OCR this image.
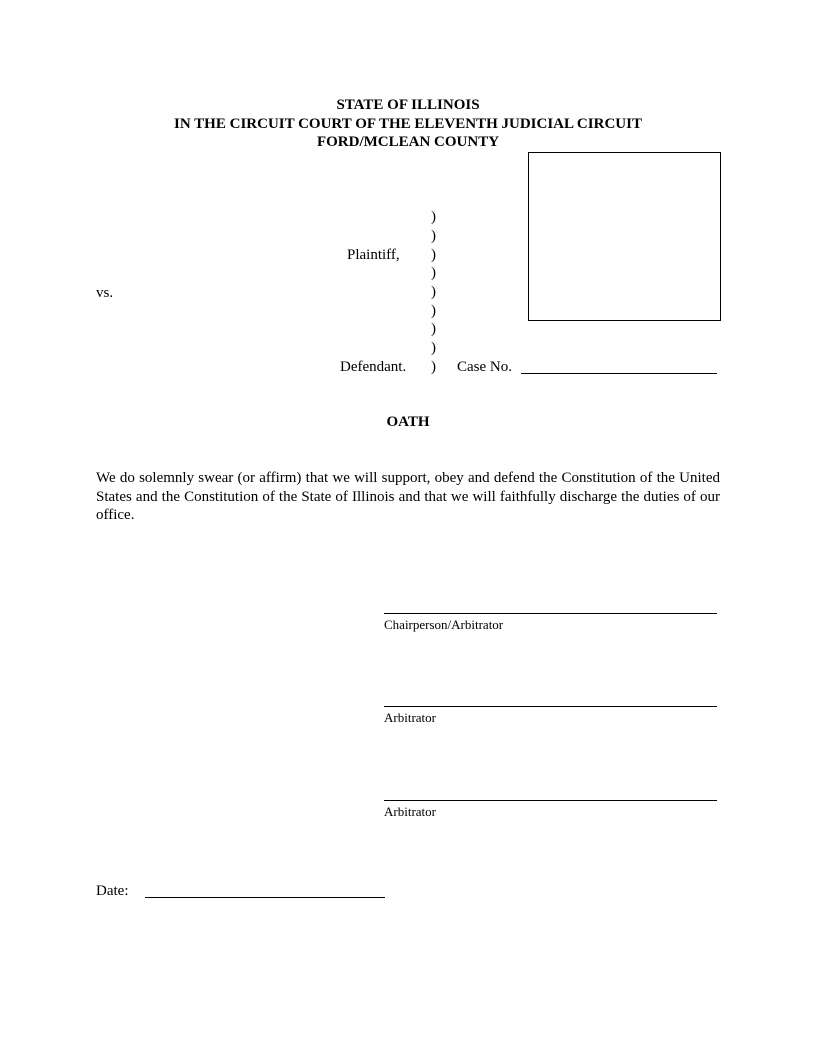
STATE OF ILLINOIS
IN THE CIRCUIT COURT OF THE ELEVENTH JUDICIAL CIRCUIT
FORD/MCLEAN COUNTY
)
)
)
)
)
)
)
)
)
Plaintiff,
vs.
Defendant.	Case No.
OATH
We do solemnly swear (or affirm) that we will support, obey and defend the Constitution of the United States and the Constitution of the State of Illinois and that we will faithfully discharge the duties of our office.
Chairperson/Arbitrator
Arbitrator
Arbitrator
Date:
